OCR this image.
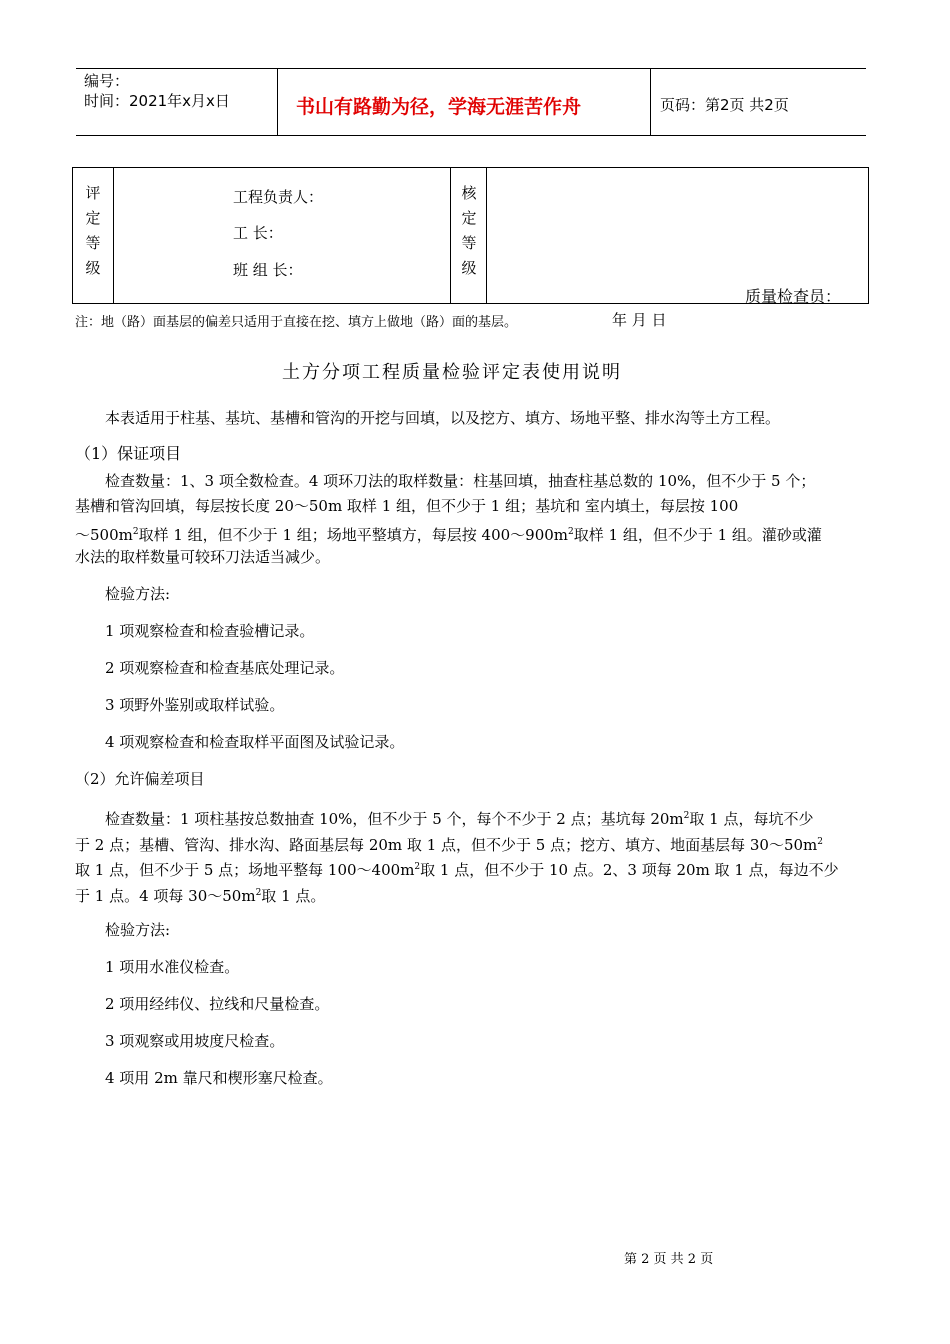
编号：
时间：2021年x月x日	书山有路勤为径，学海无涯苦作舟	页码：第2页 共2页
评定等级
工程负责人：
工 长：
班 组 长：
核定等级
质量检查员：
注：地（路）面基层的偏差只适用于直接在挖、填方上做地（路）面的基层。	年 月 日
土方分项工程质量检验评定表使用说明
本表适用于柱基、基坑、基槽和管沟的开挖与回填，以及挖方、填方、场地平整、排水沟等土方工程。
（1）保证项目
检查数量：1、3 项全数检查。4 项环刀法的取样数量：柱基回填，抽查柱基总数的 10%，但不少于 5 个；
基槽和管沟回填，每层按长度 20～50m 取样 1 组，但不少于 1 组；基坑和 室内填土，每层按 100
$\sim 500m^2$取样 1 组，但不少于 1 组；场地平整填方，每层按 $400\sim 900m^2$取样 1 组，但不少于 1 组。灌砂或灌
水法的取样数量可较环刀法适当减少。
检验方法:
1 项观察检查和检查验槽记录。
2 项观察检查和检查基底处理记录。
3 项野外鉴别或取样试验。
4 项观察检查和检查取样平面图及试验记录。
（2）允许偏差项目
检查数量：1 项柱基按总数抽查 10%，但不少于 5 个，每个不少于 2 点；基坑每 $20m^2$取 1 点，每坑不少
于 2 点；基槽、管沟、排水沟、路面基层每 20m 取 1 点，但不少于 5 点；挖方、填方、地面基层每 $30\sim 50m^2$
取 1 点，但不少于 5 点；场地平整每 $100\sim 400m^2$取 1 点，但不少于 10 点。2、3 项每 20m 取 1 点，每边不少
于 1 点。4 项每 $30\sim 50m^2$取 1 点。
检验方法:
1 项用水准仪检查。
2 项用经纬仪、拉线和尺量检查。
3 项观察或用坡度尺检查。
4 项用 2m 靠尺和楔形塞尺检查。
第 2 页 共 2 页
